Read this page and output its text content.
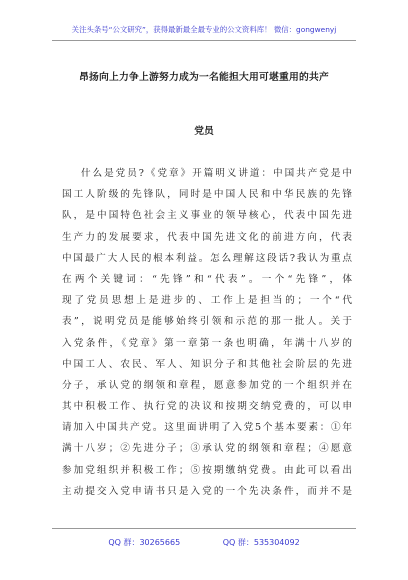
关注头条号“公文研究”，获得最新最全最专业的公文资料库！ 微信：gongwenyj
昂扬向上力争上游努力成为一名能担大用可堪重用的共产
党员
什么是党员?《党章》开篇明义讲道：中国共产党是中
国工人阶级的先锋队，同时是中国人民和中华民族的先锋
队，是中国特色社会主义事业的领导核心，代表中国先进
生产力的发展要求，代表中国先进文化的前进方向，代表
中国最广大人民的根本利益。怎么理解这段话?我认为重点
在两个关键词：“先锋”和“代表”。一个“先锋”，体
现了党员思想上是进步的、工作上是担当的；一个“代
表”，说明党员是能够始终引领和示范的那一批人。关于
入党条件，《党章》第一章第一条也明确，年满十八岁的
中国工人、农民、军人、知识分子和其他社会阶层的先进
分子，承认党的纲领和章程，愿意参加党的一个组织并在
其中积极工作、执行党的决议和按期交纳党费的，可以申
请加入中国共产党。这里面讲明了入党5个基本要素：①年
满十八岁；②先进分子；③承认党的纲领和章程；④愿意
参加党组织并积极工作；⑤按期缴纳党费。由此可以看出
主动提交入党申请书只是入党的一个先决条件，而并不是
QQ 群：30265665	QQ 群：535304092
